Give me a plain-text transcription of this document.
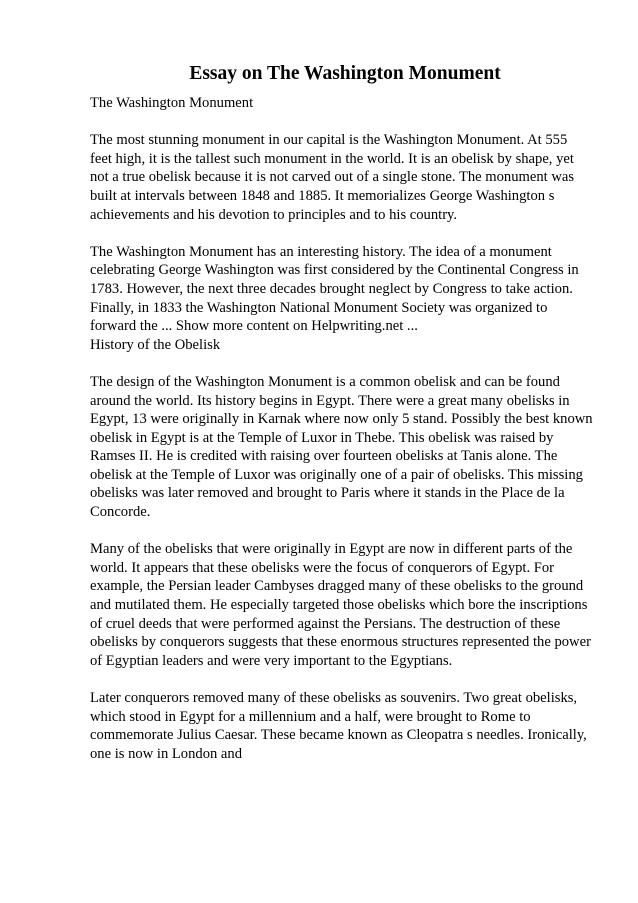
Essay on The Washington Monument
The Washington Monument
The most stunning monument in our capital is the Washington Monument. At 555
feet high, it is the tallest such monument in the world. It is an obelisk by shape, yet
not a true obelisk because it is not carved out of a single stone. The monument was
built at intervals between 1848 and 1885. It memorializes George Washington s
achievements and his devotion to principles and to his country.
The Washington Monument has an interesting history. The idea of a monument
celebrating George Washington was first considered by the Continental Congress in
1783. However, the next three decades brought neglect by Congress to take action.
Finally, in 1833 the Washington National Monument Society was organized to
forward the ... Show more content on Helpwriting.net ...
History of the Obelisk
The design of the Washington Monument is a common obelisk and can be found
around the world. Its history begins in Egypt. There were a great many obelisks in
Egypt, 13 were originally in Karnak where now only 5 stand. Possibly the best known
obelisk in Egypt is at the Temple of Luxor in Thebe. This obelisk was raised by
Ramses II. He is credited with raising over fourteen obelisks at Tanis alone. The
obelisk at the Temple of Luxor was originally one of a pair of obelisks. This missing
obelisks was later removed and brought to Paris where it stands in the Place de la
Concorde.
Many of the obelisks that were originally in Egypt are now in different parts of the
world. It appears that these obelisks were the focus of conquerors of Egypt. For
example, the Persian leader Cambyses dragged many of these obelisks to the ground
and mutilated them. He especially targeted those obelisks which bore the inscriptions
of cruel deeds that were performed against the Persians. The destruction of these
obelisks by conquerors suggests that these enormous structures represented the power
of Egyptian leaders and were very important to the Egyptians.
Later conquerors removed many of these obelisks as souvenirs. Two great obelisks,
which stood in Egypt for a millennium and a half, were brought to Rome to
commemorate Julius Caesar. These became known as Cleopatra s needles. Ironically,
one is now in London and
